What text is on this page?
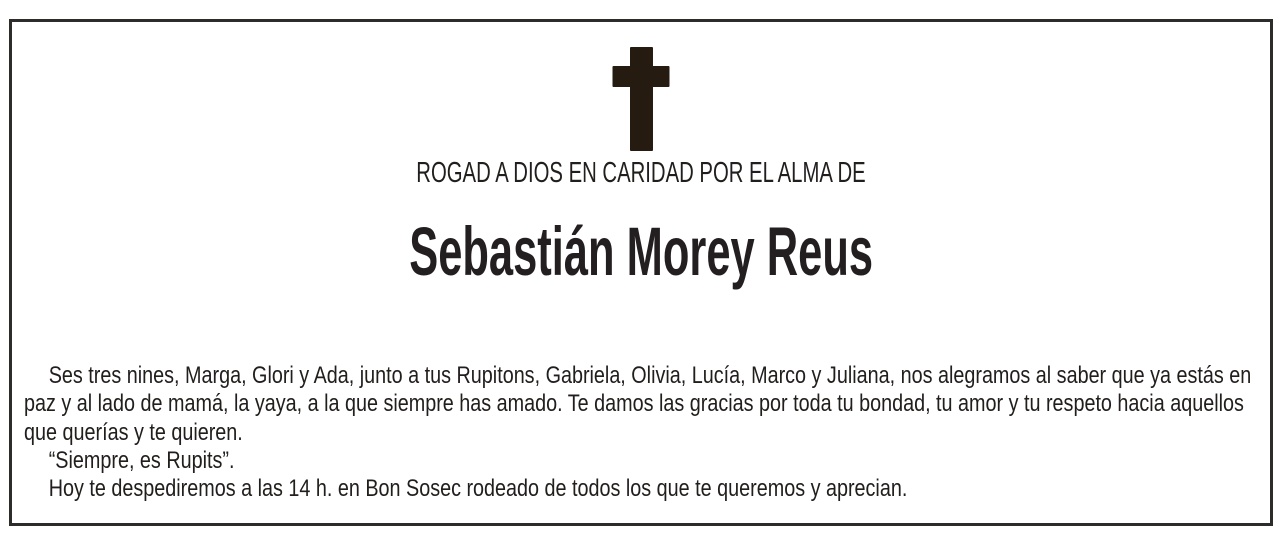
ROGAD A DIOS EN CARIDAD POR EL ALMA DE
Sebastián Morey Reus

Ses tres nines, Marga, Glori y Ada, junto a tus Rupitons, Gabriela, Olivia, Lucía, Marco y Juliana, nos alegramos al saber que ya estás en paz y al lado de mamá, la yaya, a la que siempre has amado. Te damos las gracias por toda tu bondad, tu amor y tu respeto hacia aquellos que querías y te quieren.

“Siempre, es Rupits”.

Hoy te despediremos a las 14 h. en Bon Sosec rodeado de todos los que te queremos y aprecian.
